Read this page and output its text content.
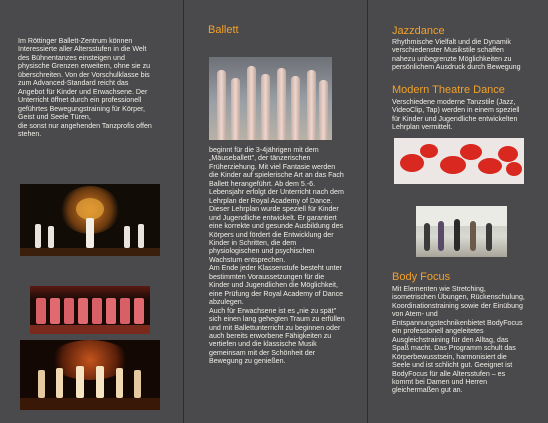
Im Röttinger Ballett-Zentrum können
Interessierte aller Altersstufen in die Welt
des Bühnentanzes einsteigen und
physische Grenzen erweitern, ohne sie zu
überschreiten. Von der Vorschulklasse bis
zum Advanced-Standard reicht das
Angebot für Kinder und Erwachsene. Der
Unterricht öffnet durch ein professionell
geführtes Bewegungstraining für Körper,
Geist und Seele Türen,
die sonst nur angehenden Tanzprofis offen
stehen.
Ballett
beginnt für die 3-4jährigen mit dem
„Mäuseballett", der tänzerischen
Früherziehung. Mit viel Fantasie werden
die Kinder auf spielerische Art an das Fach
Ballett herangeführt. Ab dem 5.-6.
Lebensjahr erfolgt der Unterricht nach dem
Lehrplan der Royal Academy of Dance.
Dieser Lehrplan wurde speziell für Kinder
und Jugendliche entwickelt. Er garantiert
eine korrekte und gesunde Ausbildung des
Körpers und fördert die Entwicklung der
Kinder in Schritten, die dem
physiologischen und psychischen
Wachstum entsprechen.
Am Ende jeder Klassenstufe besteht unter
bestimmten Voraussetzungen für die
Kinder und Jugendlichen die Möglichkeit,
eine Prüfung der Royal Academy of Dance
abzulegen.
Auch für Erwachsene ist es „nie zu spät"
sich einen lang gehegten Traum zu erfüllen
und mit Ballettunterricht zu beginnen oder
auch bereits erworbene Fähigkeiten zu
vertiefen und die klassische Musik
gemeinsam mit der Schönheit der
Bewegung zu genießen.
Jazzdance
Rhythmische Vielfalt und die Dynamik
verschiedenster Musikstile schaffen
nahezu unbegrenzte Möglichkeiten zu
persönlichem Ausdruck durch Bewegung
Modern Theatre Dance
Verschiedene moderne Tanzstile (Jazz,
VideoClip, Tap) werden in einem speziell
für Kinder und Jugendliche entwickelten
Lehrplan vermittelt.
Body Focus
Mit Elementen wie Stretching,
isometrischen Übungen, Rückenschulung,
Koordinationstraining sowie der Einübung
von Atem- und
Entspannungstechnikenbietet BodyFocus
ein professionell angeleitetes
Ausgleichstraining für den Alltag, das
Spaß macht. Das Programm schult das
Körperbewusstsein, harmonisiert die
Seele und ist schlicht gut. Geeignet ist
BodyFocus für alle Altersstufen – es
kommt bei Damen und Herren
gleichermaßen gut an.
